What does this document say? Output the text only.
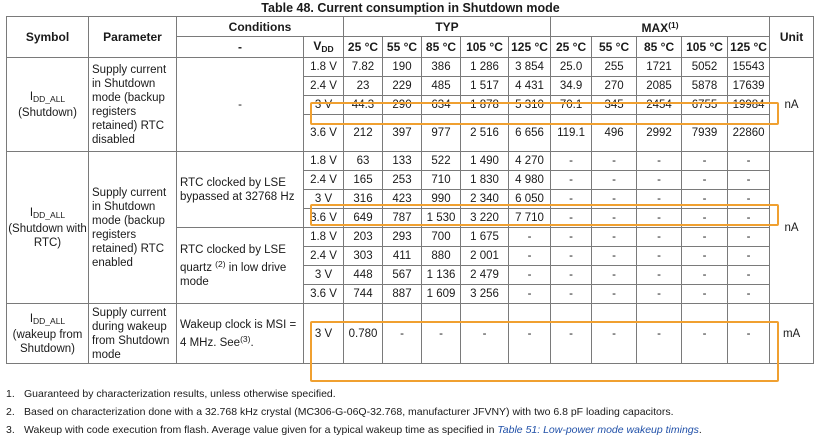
Table 48. Current consumption in Shutdown mode
Symbol	Parameter	Conditions		TYP					MAX$^{(1)}$					Unit
		-	$V_{DD}$	25 °C	55 °C	85 °C	105 °C	125 °C	25 °C	55 °C	85 °C	105 °C	125 °C	
$I_{DD\_ALL}$
(Shutdown)	Supply current in Shutdown mode (backup registers retained) RTC disabled	-	1.8 V	7.82	190	386	1 286	3 854	25.0	255	1721	5052	15543	nA
			2.4 V	23	229	485	1 517	4 431	34.9	270	2085	5878	17639	
			3 V	44.3	290	634	1 878	5 310	70.1	345	2454	6755	19984	
			3.6 V	212	397	977	2 516	6 656	119.1	496	2992	7939	22860	
$I_{DD\_ALL}$
(Shutdown with RTC)	Supply current in Shutdown mode (backup registers retained) RTC enabled	RTC clocked by LSE bypassed at 32768 Hz	1.8 V	63	133	522	1 490	4 270	-	-	-	-	-	nA
			2.4 V	165	253	710	1 830	4 980	-	-	-	-	-	
			3 V	316	423	990	2 340	6 050	-	-	-	-	-	
			3.6 V	649	787	1 530	3 220	7 710	-	-	-	-	-	
		RTC clocked by LSE quartz $^{(2)}$ in low drive mode	1.8 V	203	293	700	1 675	-	-	-	-	-	-	
			2.4 V	303	411	880	2 001	-	-	-	-	-	-	
			3 V	448	567	1 136	2 479	-	-	-	-	-	-	
			3.6 V	744	887	1 609	3 256	-	-	-	-	-	-	
$I_{DD\_ALL}$
(wakeup from Shutdown)	Supply current during wakeup from Shutdown mode	Wakeup clock is MSI = 4 MHz. See$^{(3)}$.	3 V	0.780	-	-	-	-	-	-	-	-	-	mA
1. Guaranteed by characterization results, unless otherwise specified.
2. Based on characterization done with a 32.768 kHz crystal (MC306-G-06Q-32.768, manufacturer JFVNY) with two 6.8 pF loading capacitors.
3. Wakeup with code execution from flash. Average value given for a typical wakeup time as specified in Table 51: Low-power mode wakeup timings.
